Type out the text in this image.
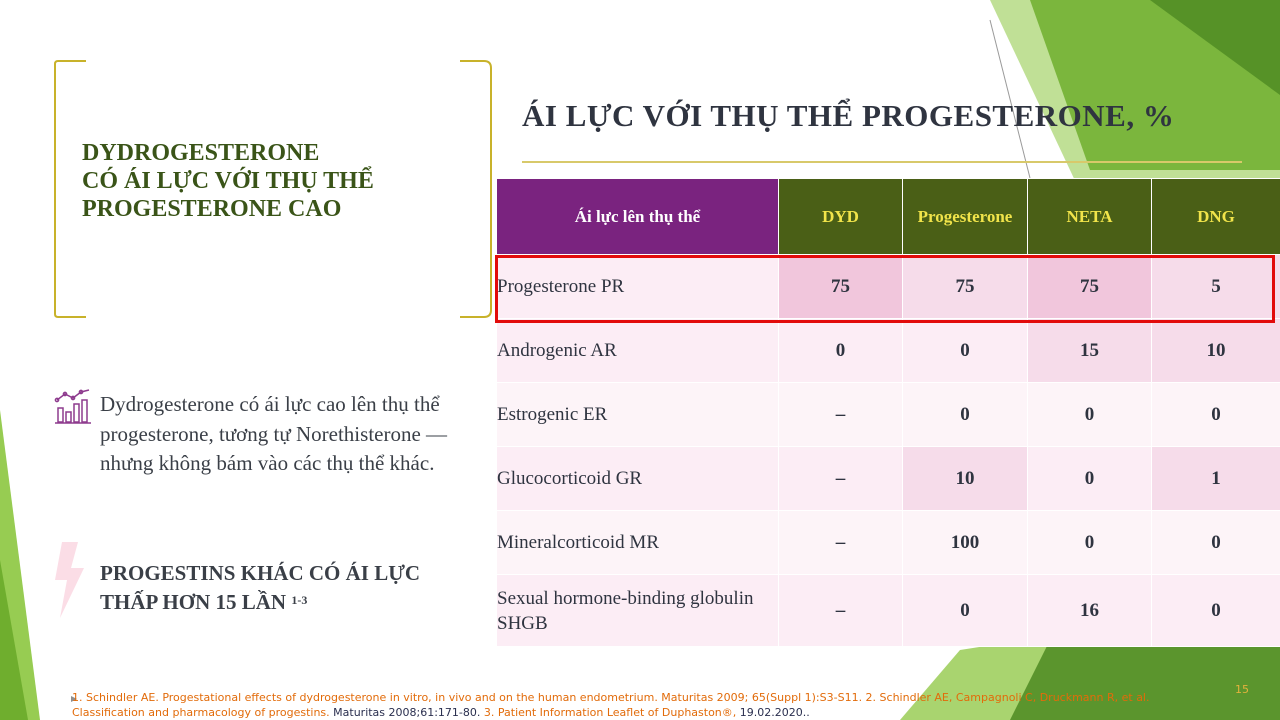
DYDROGESTERONE
CÓ ÁI LỰC VỚI THỤ THỂ
PROGESTERONE CAO
ÁI LỰC VỚI THỤ THỂ PROGESTERONE, %
Dydrogesterone có ái lực cao lên thụ thể progesterone, tương tự Norethisterone — nhưng không bám vào các thụ thể khác.
PROGESTINS KHÁC CÓ ÁI LỰC
THẤP HƠN 15 LẦN $^{1-3}$
Ái lực lên thụ thể	DYD	Progesterone	NETA	DNG
Progesterone PR	75	75	75	5
Androgenic AR	0	0	15	10
Estrogenic ER	–	0	0	0
Glucocorticoid GR	–	10	0	1
Mineralcorticoid MR	–	100	0	0
Sexual hormone-binding globulin SHGB	–	0	16	0
1. Schindler AE. Progestational effects of dydrogesterone in vitro, in vivo and on the human endometrium. Maturitas 2009; 65(Suppl 1):S3-S11. 2. Schindler AE, Campagnoli C, Druckmann R, et al. Classification and pharmacology of progestins. Maturitas 2008;61:171-80. 3. Patient Information Leaflet of Duphaston®, 19.02.2020..
15
